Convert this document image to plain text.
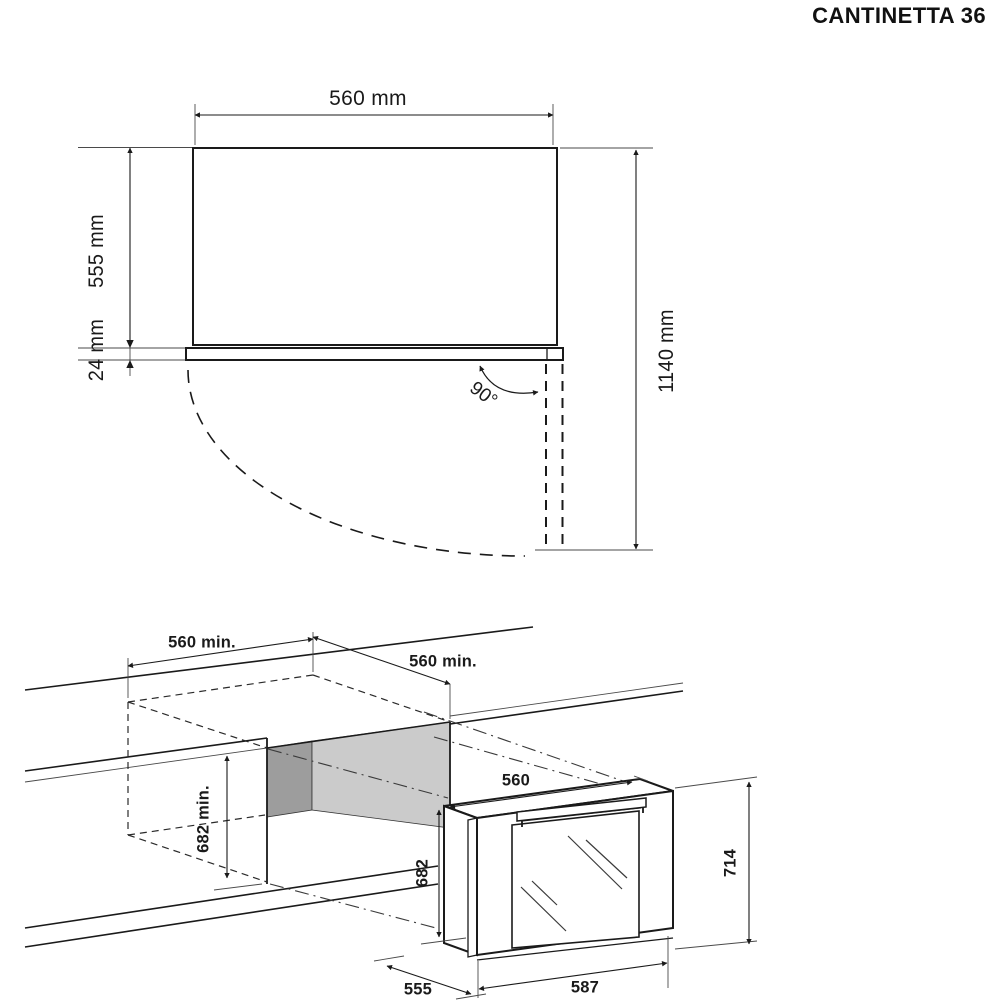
CANTINETTA 36
560 mm
555 mm
24 mm	1140 mm
90°
560 min.
560 min.
682 min.
560
682	714
587
555
